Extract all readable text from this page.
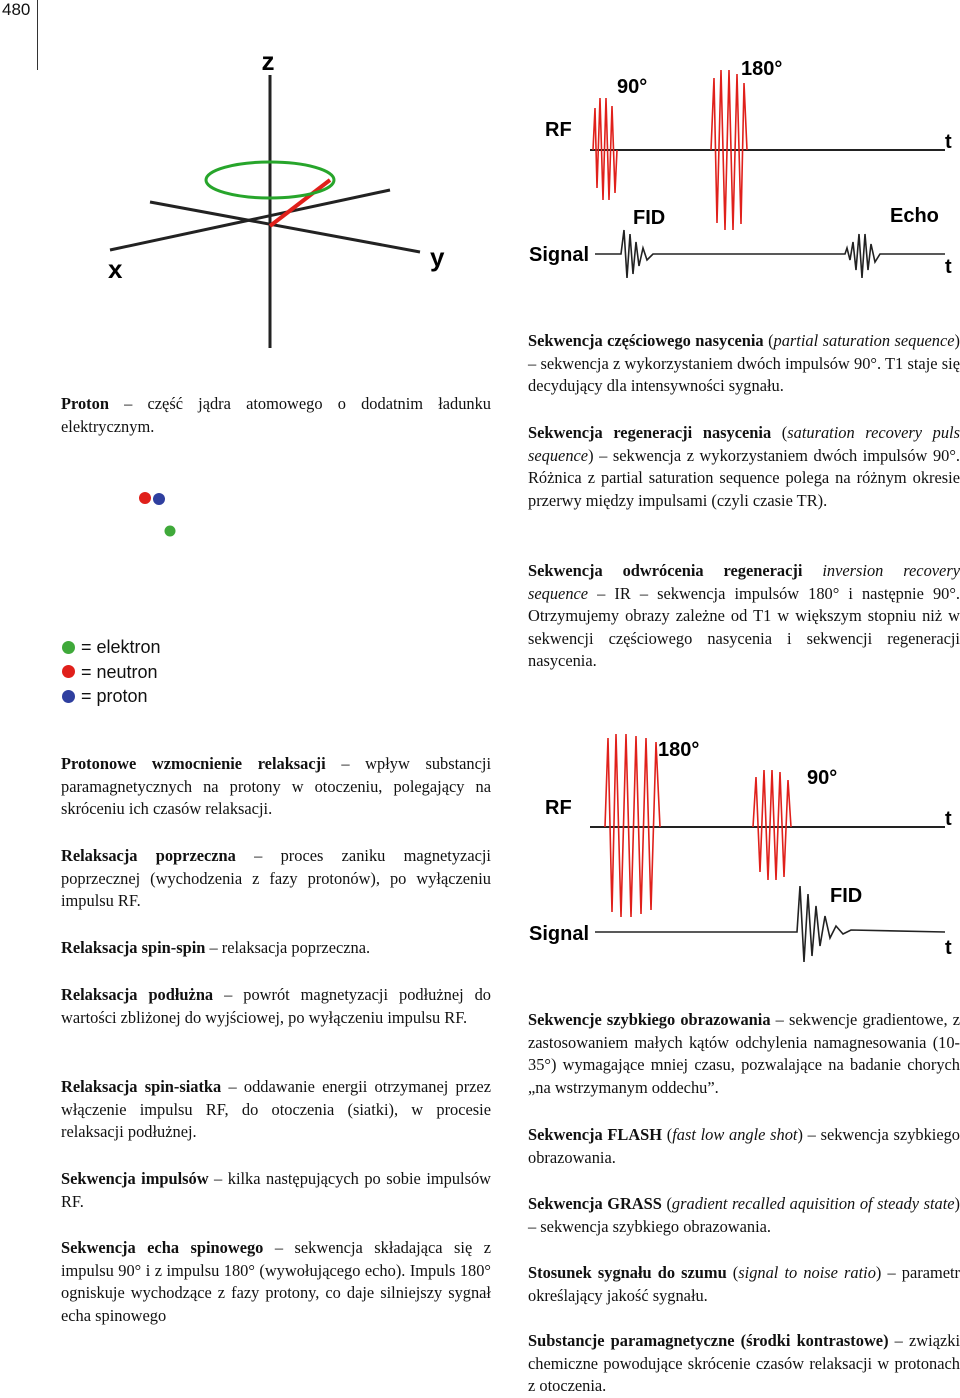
480
z
x	y
RF
t
90°
180°
Signal
FID	Echo
t
RF	t
180°
90°
Signal
FID
t
= elektron
= neutron
= proton
Proton – część jądra atomowego o dodatnim ładunku elektrycznym.
Protonowe wzmocnienie relaksacji – wpływ substancji paramagnetycznych na protony w otoczeniu, polegający na skróceniu ich czasów relaksacji.
Relaksacja poprzeczna – proces zaniku magnetyzacji poprzecznej (wychodzenia z fazy protonów), po wyłączeniu impulsu RF.
Relaksacja spin-spin – relaksacja poprzeczna.
Relaksacja podłużna – powrót magnetyzacji podłużnej do wartości zbliżonej do wyjściowej, po wyłączeniu impulsu RF.
Relaksacja spin-siatka – oddawanie energii otrzymanej przez włączenie impulsu RF, do otoczenia (siatki), w procesie relaksacji podłużnej.
Sekwencja impulsów – kilka następujących po sobie impulsów RF.
Sekwencja echa spinowego – sekwencja składająca się z impulsu 90° i z impulsu 180° (wywołującego echo). Impuls 180° ogniskuje wychodzące z fazy protony, co daje silniejszy sygnał echa spinowego
Sekwencja częściowego nasycenia (partial saturation sequence) – sekwencja z wykorzystaniem dwóch impulsów 90°. T1 staje się decydujący dla intensywności sygnału.
Sekwencja regeneracji nasycenia (saturation recovery puls sequence) – sekwencja z wykorzystaniem dwóch impulsów 90°. Różnica z partial saturation sequence polega na różnym okresie przerwy między impulsami (czyli czasie TR).
Sekwencja odwrócenia regeneracji inversion recovery sequence – IR – sekwencja impulsów 180° i następnie 90°. Otrzymujemy obrazy zależne od T1 w większym stopniu niż w sekwencji częściowego nasycenia i sekwencji regeneracji nasycenia.
Sekwencje szybkiego obrazowania – sekwencje gradientowe, z zastosowaniem małych kątów odchylenia namagnesowania (10-35°) wymagające mniej czasu, pozwalające na badanie chorych „na wstrzymanym oddechu”.
Sekwencja FLASH (fast low angle shot) – sekwencja szybkiego obrazowania.
Sekwencja GRASS (gradient recalled aquisition of steady state) – sekwencja szybkiego obrazowania.
Stosunek sygnału do szumu (signal to noise ratio) – parametr określający jakość sygnału.
Substancje paramagnetyczne (środki kontrastowe) – związki chemiczne powodujące skrócenie czasów relaksacji w protonach z otoczenia.
